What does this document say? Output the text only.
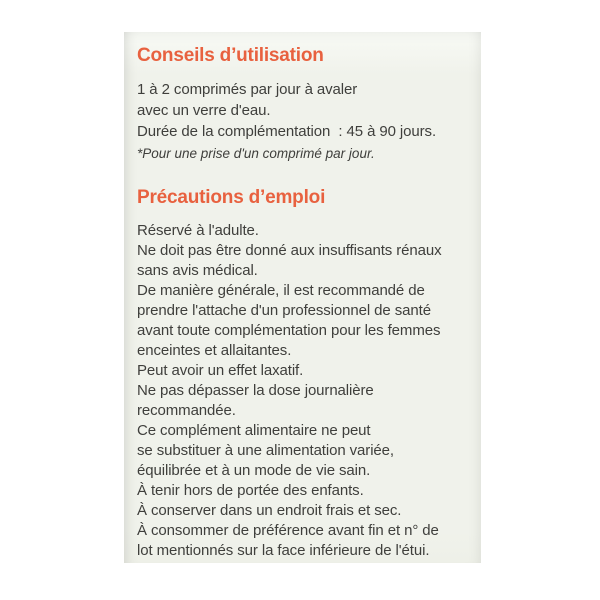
Conseils d’utilisation
1 à 2 comprimés par jour à avaler
avec un verre d'eau.
Durée de la complémentation  : 45 à 90 jours.
*Pour une prise d'un comprimé par jour.
Précautions d’emploi
Réservé à l'adulte.
Ne doit pas être donné aux insuffisants rénaux
sans avis médical.
De manière générale, il est recommandé de
prendre l'attache d'un professionnel de santé
avant toute complémentation pour les femmes
enceintes et allaitantes.
Peut avoir un effet laxatif.
Ne pas dépasser la dose journalière
recommandée.
Ce complément alimentaire ne peut
se substituer à une alimentation variée,
équilibrée et à un mode de vie sain.
À tenir hors de portée des enfants.
À conserver dans un endroit frais et sec.
À consommer de préférence avant fin et n° de
lot mentionnés sur la face inférieure de l'étui.
